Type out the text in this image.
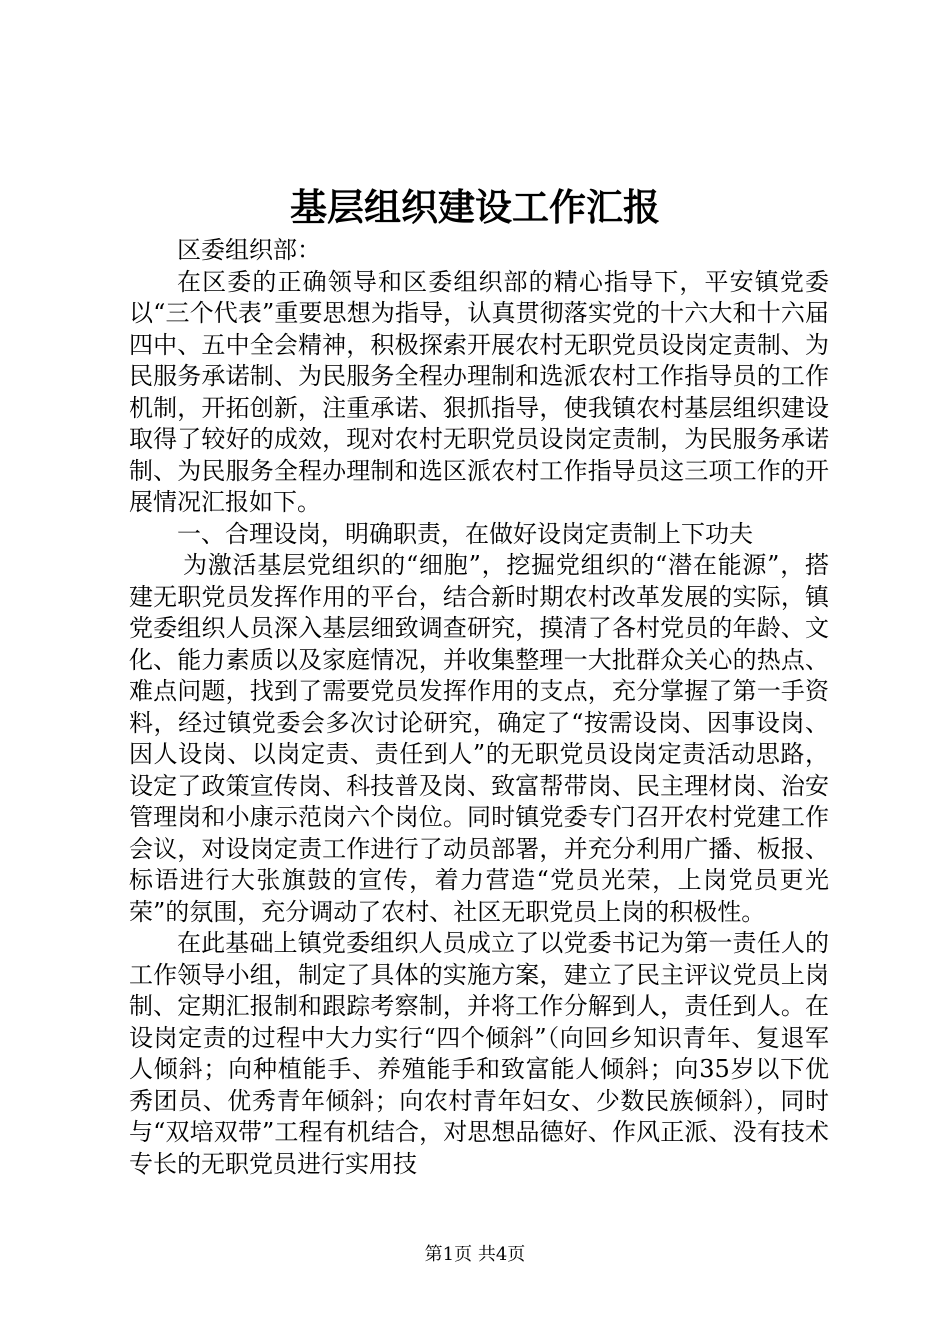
基层组织建设工作汇报

区委组织部：

在区委的正确领导和区委组织部的精心指导下，平安镇党委以“三个代表”重要思想为指导，认真贯彻落实党的十六大和十六届四中、五中全会精神，积极探索开展农村无职党员设岗定责制、为民服务承诺制、为民服务全程办理制和选派农村工作指导员的工作机制，开拓创新，注重承诺、狠抓指导，使我镇农村基层组织建设取得了较好的成效，现对农村无职党员设岗定责制，为民服务承诺制、为民服务全程办理制和选区派农村工作指导员这三项工作的开展情况汇报如下。

一、合理设岗，明确职责，在做好设岗定责制上下功夫

为激活基层党组织的“细胞”，挖掘党组织的“潜在能源”，搭建无职党员发挥作用的平台，结合新时期农村改革发展的实际，镇党委组织人员深入基层细致调查研究，摸清了各村党员的年龄、文化、能力素质以及家庭情况，并收集整理一大批群众关心的热点、难点问题，找到了需要党员发挥作用的支点，充分掌握了第一手资料，经过镇党委会多次讨论研究，确定了“按需设岗、因事设岗、因人设岗、以岗定责、责任到人”的无职党员设岗定责活动思路，设定了政策宣传岗、科技普及岗、致富帮带岗、民主理材岗、治安管理岗和小康示范岗六个岗位。同时镇党委专门召开农村党建工作会议，对设岗定责工作进行了动员部署，并充分利用广播、板报、标语进行大张旗鼓的宣传，着力营造“党员光荣，上岗党员更光荣”的氛围，充分调动了农村、社区无职党员上岗的积极性。

在此基础上镇党委组织人员成立了以党委书记为第一责任人的工作领导小组，制定了具体的实施方案，建立了民主评议党员上岗制、定期汇报制和跟踪考察制，并将工作分解到人，责任到人。在设岗定责的过程中大力实行“四个倾斜”（向回乡知识青年、复退军人倾斜；向种植能手、养殖能手和致富能人倾斜；向35岁以下优秀团员、优秀青年倾斜；向农村青年妇女、少数民族倾斜），同时与“双培双带”工程有机结合，对思想品德好、作风正派、没有技术专长的无职党员进行实用技

第1页 共4页
